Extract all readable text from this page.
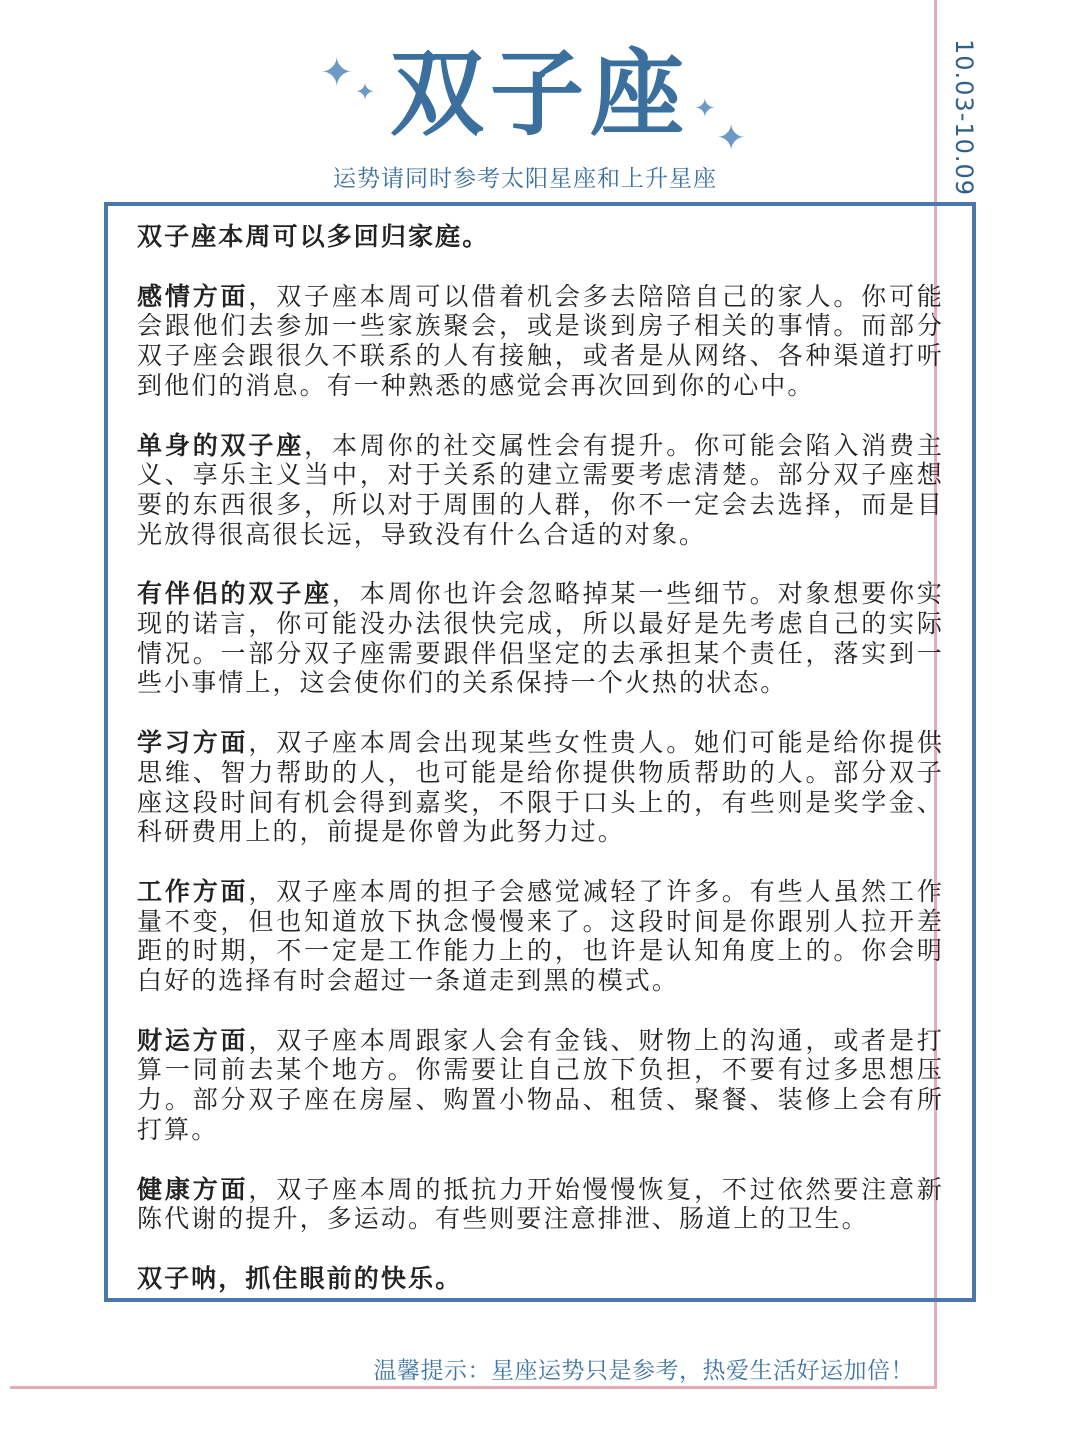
10.03-10.09
✦ ✦ 双子座 ✦
✦
运势请同时参考太阳星座和上升星座

双子座本周可以多回归家庭。

感情方面，双子座本周可以借着机会多去陪陪自己的家人。你可能会跟他们去参加一些家族聚会，或是谈到房子相关的事情。而部分双子座会跟很久不联系的人有接触，或者是从网络、各种渠道打听到他们的消息。有一种熟悉的感觉会再次回到你的心中。

单身的双子座，本周你的社交属性会有提升。你可能会陷入消费主义、享乐主义当中，对于关系的建立需要考虑清楚。部分双子座想要的东西很多，所以对于周围的人群，你不一定会去选择，而是目光放得很高很长远，导致没有什么合适的对象。

有伴侣的双子座，本周你也许会忽略掉某一些细节。对象想要你实现的诺言，你可能没办法很快完成，所以最好是先考虑自己的实际情况。一部分双子座需要跟伴侣坚定的去承担某个责任，落实到一些小事情上，这会使你们的关系保持一个火热的状态。

学习方面，双子座本周会出现某些女性贵人。她们可能是给你提供思维、智力帮助的人，也可能是给你提供物质帮助的人。部分双子座这段时间有机会得到嘉奖，不限于口头上的，有些则是奖学金、科研费用上的，前提是你曾为此努力过。

工作方面，双子座本周的担子会感觉减轻了许多。有些人虽然工作量不变，但也知道放下执念慢慢来了。这段时间是你跟别人拉开差距的时期，不一定是工作能力上的，也许是认知角度上的。你会明白好的选择有时会超过一条道走到黑的模式。

财运方面，双子座本周跟家人会有金钱、财物上的沟通，或者是打算一同前去某个地方。你需要让自己放下负担，不要有过多思想压力。部分双子座在房屋、购置小物品、租赁、聚餐、装修上会有所打算。

健康方面，双子座本周的抵抗力开始慢慢恢复，不过依然要注意新陈代谢的提升，多运动。有些则要注意排泄、肠道上的卫生。

双子呐，抓住眼前的快乐。

温馨提示：星座运势只是参考，热爱生活好运加倍！
